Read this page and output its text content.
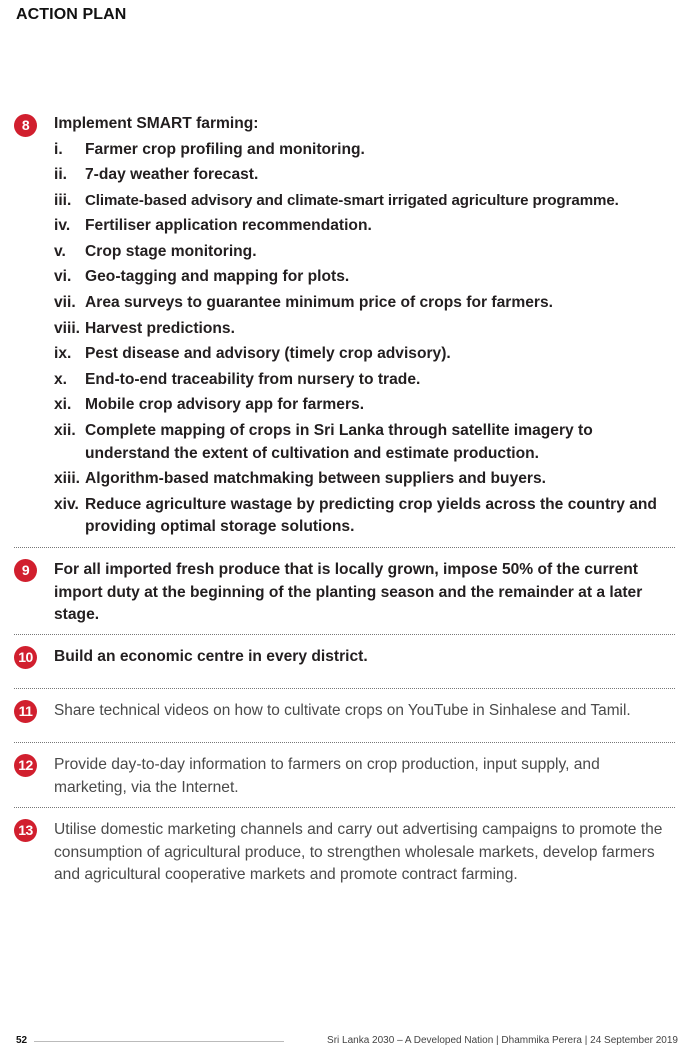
ACTION PLAN
8	Implement SMART farming:
i.	Farmer crop profiling and monitoring.
ii.	7-day weather forecast.
iii. Climate-based advisory and climate-smart irrigated agriculture programme.
iv. Fertiliser application recommendation.
v.	Crop stage monitoring.
vi. Geo-tagging and mapping for plots.
vii. Area surveys to guarantee minimum price of crops for farmers.
viii. Harvest predictions.
ix. Pest disease and advisory (timely crop advisory).
x.	End-to-end traceability from nursery to trade.
xi. Mobile crop advisory app for farmers.
xii. Complete mapping of crops in Sri Lanka through satellite imagery to understand the extent of cultivation and estimate production.
xiii. Algorithm-based matchmaking between suppliers and buyers.
xiv. Reduce agriculture wastage by predicting crop yields across the country and providing optimal storage solutions.
9	For all imported fresh produce that is locally grown, impose 50% of the current import duty at the beginning of the planting season and the remainder at a later stage.
10 Build an economic centre in every district.
11 Share technical videos on how to cultivate crops on YouTube in Sinhalese and Tamil.
12 Provide day-to-day information to farmers on crop production, input supply, and marketing, via the Internet.
13 Utilise domestic marketing channels and carry out advertising campaigns to promote the consumption of agricultural produce, to strengthen wholesale markets, develop farmers and agricultural cooperative markets and promote contract farming.
52	Sri Lanka 2030 – A Developed Nation | Dhammika Perera | 24 September 2019
